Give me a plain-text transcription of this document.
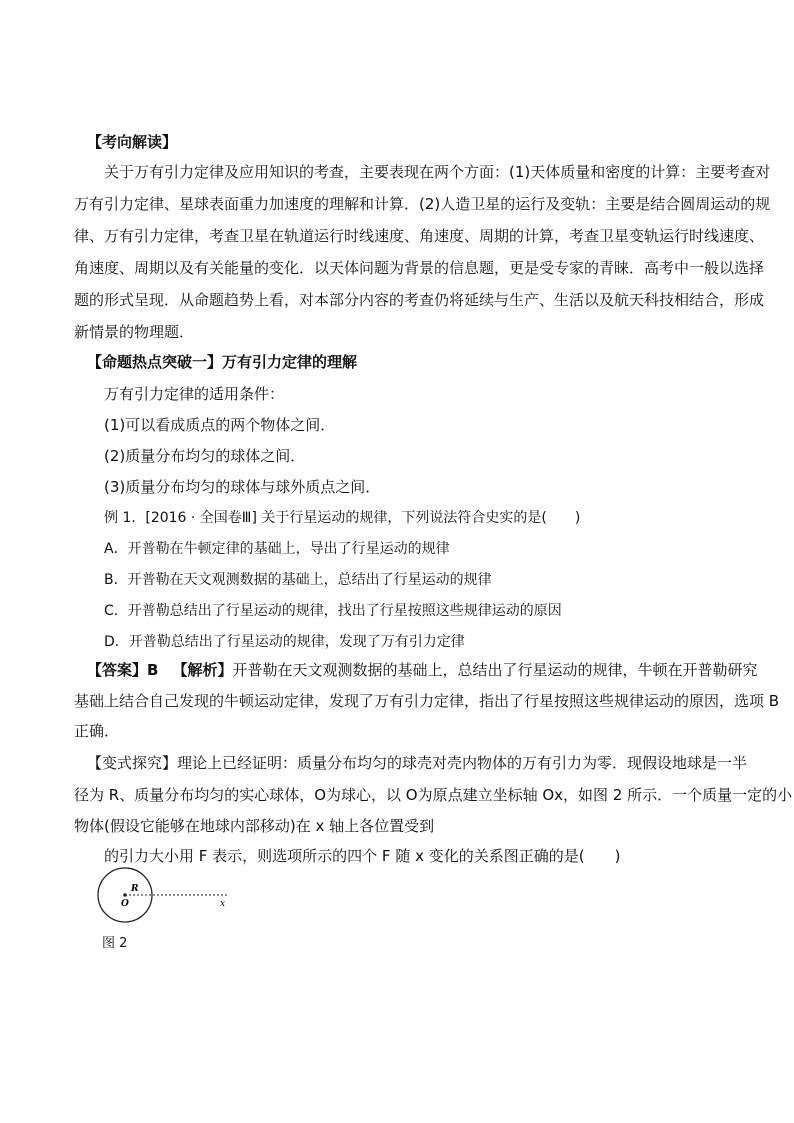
【考向解读】
关于万有引力定律及应用知识的考查，主要表现在两个方面：(1)天体质量和密度的计算：主要考查对
万有引力定律、星球表面重力加速度的理解和计算．(2)人造卫星的运行及变轨：主要是结合圆周运动的规
律、万有引力定律，考查卫星在轨道运行时线速度、角速度、周期的计算，考查卫星变轨运行时线速度、
角速度、周期以及有关能量的变化．以天体问题为背景的信息题，更是受专家的青睐．高考中一般以选择
题的形式呈现．从命题趋势上看，对本部分内容的考查仍将延续与生产、生活以及航天科技相结合，形成
新情景的物理题．
【命题热点突破一】万有引力定律的理解
万有引力定律的适用条件：
(1)可以看成质点的两个物体之间．
(2)质量分布均匀的球体之间．
(3)质量分布均匀的球体与球外质点之间．
例 1．[2016 · 全国卷Ⅲ] 关于行星运动的规律，下列说法符合史实的是(　　)
A．开普勒在牛顿定律的基础上，导出了行星运动的规律
B．开普勒在天文观测数据的基础上，总结出了行星运动的规律
C．开普勒总结出了行星运动的规律，找出了行星按照这些规律运动的原因
D．开普勒总结出了行星运动的规律，发现了万有引力定律
【答案】B 【解析】开普勒在天文观测数据的基础上，总结出了行星运动的规律，牛顿在开普勒研究
基础上结合自己发现的牛顿运动定律，发现了万有引力定律，指出了行星按照这些规律运动的原因，选项 B
正确．
【变式探究】理论上已经证明：质量分布均匀的球壳对壳内物体的万有引力为零．现假设地球是一半
径为 R、质量分布均匀的实心球体，O为球心，以 O为原点建立坐标轴 Ox，如图 2 所示．一个质量一定的小
物体(假设它能够在地球内部移动)在 x 轴上各位置受到
的引力大小用 F 表示，则选项所示的四个 F 随 x 变化的关系图正确的是(　　)
R
O	x
图 2
